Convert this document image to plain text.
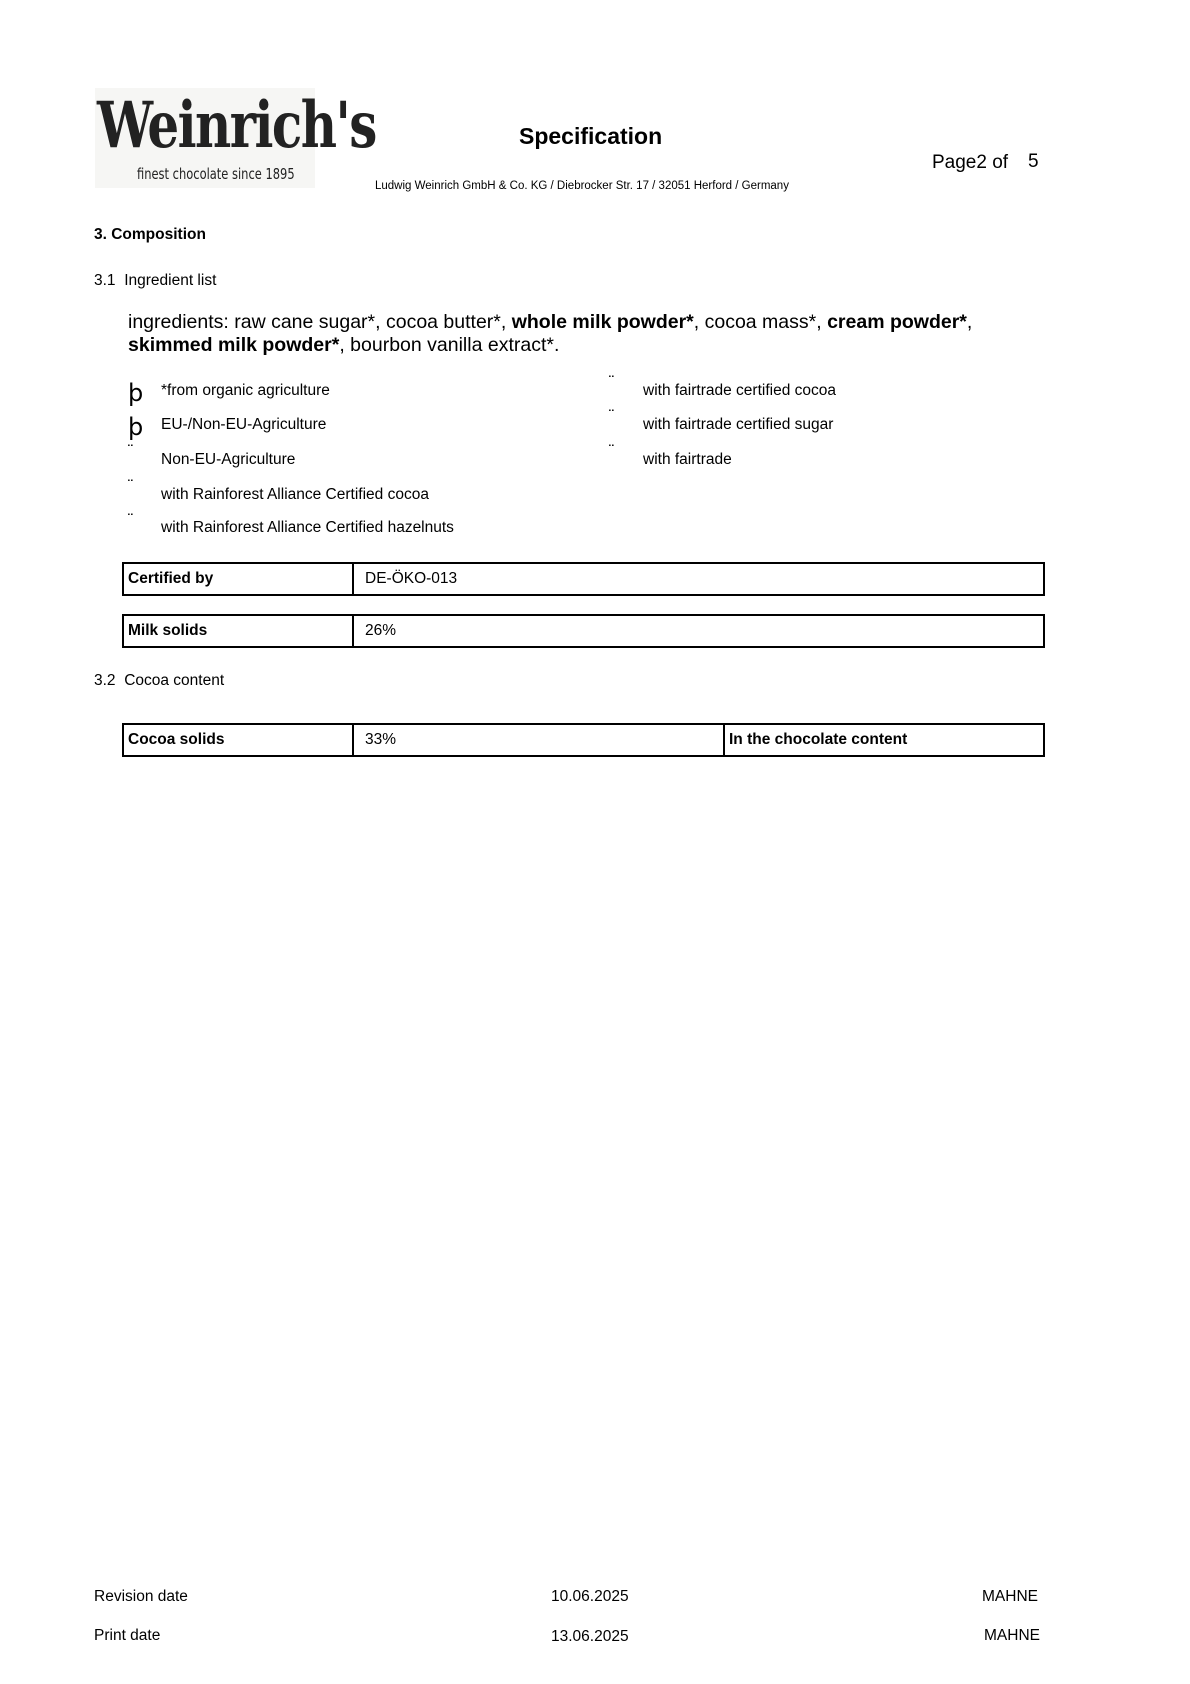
Weinrich's
finest chocolate since 1895
Specification
Ludwig Weinrich GmbH & Co. KG / Diebrocker Str. 17 / 32051 Herford / Germany
Page2 of 5
3. Composition
3.1 Ingredient list
ingredients: raw cane sugar*, cocoa butter*, whole milk powder*, cocoa mass*, cream powder*, skimmed milk powder*, bourbon vanilla extract*.
þ *from organic agriculture
þ EU-/Non-EU-Agriculture
¨
Non-EU-Agriculture
¨
with Rainforest Alliance Certified cocoa
¨
with Rainforest Alliance Certified hazelnuts
¨
with fairtrade certified cocoa
¨
with fairtrade certified sugar
¨
with fairtrade
Certified by	DE-ÖKO-013
Milk solids	26%
3.2 Cocoa content
Cocoa solids	33%	In the chocolate content
Revision date	10.06.2025	MAHNE
Print date	13.06.2025	MAHNE
